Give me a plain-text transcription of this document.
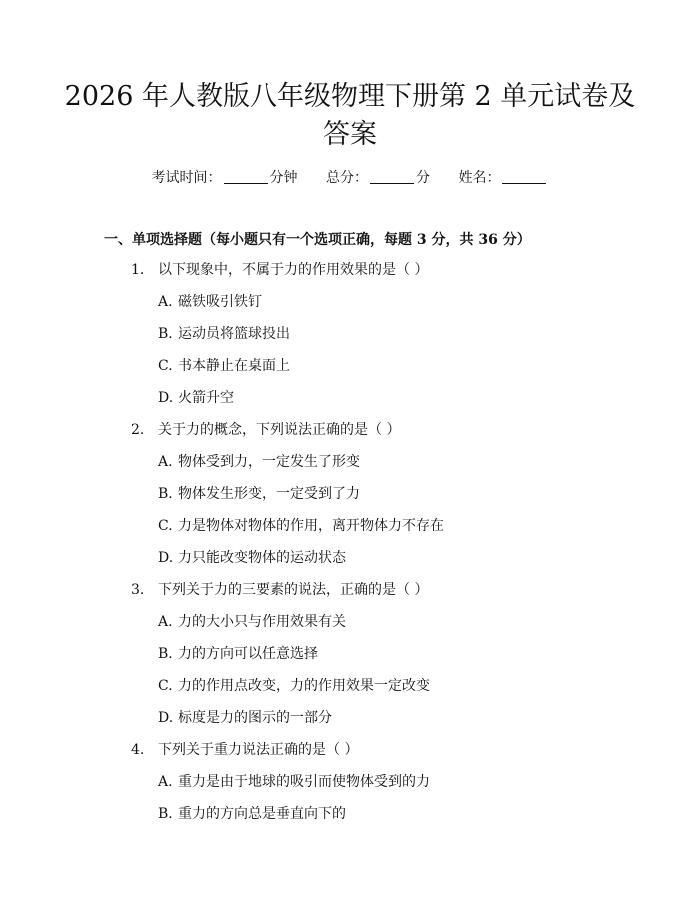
2026 年人教版八年级物理下册第 2 单元试卷及答案
考试时间：	分钟 总分：	分 姓名：
一、单项选择题（每小题只有一个选项正确，每题 3 分，共 36 分）
1. 以下现象中，不属于力的作用效果的是（ ）
A. 磁铁吸引铁钉
B. 运动员将篮球投出
C. 书本静止在桌面上
D. 火箭升空
2. 关于力的概念，下列说法正确的是（ ）
A. 物体受到力，一定发生了形变
B. 物体发生形变，一定受到了力
C. 力是物体对物体的作用，离开物体力不存在
D. 力只能改变物体的运动状态
3. 下列关于力的三要素的说法，正确的是（ ）
A. 力的大小只与作用效果有关
B. 力的方向可以任意选择
C. 力的作用点改变，力的作用效果一定改变
D. 标度是力的图示的一部分
4. 下列关于重力说法正确的是（ ）
A. 重力是由于地球的吸引而使物体受到的力
B. 重力的方向总是垂直向下的
